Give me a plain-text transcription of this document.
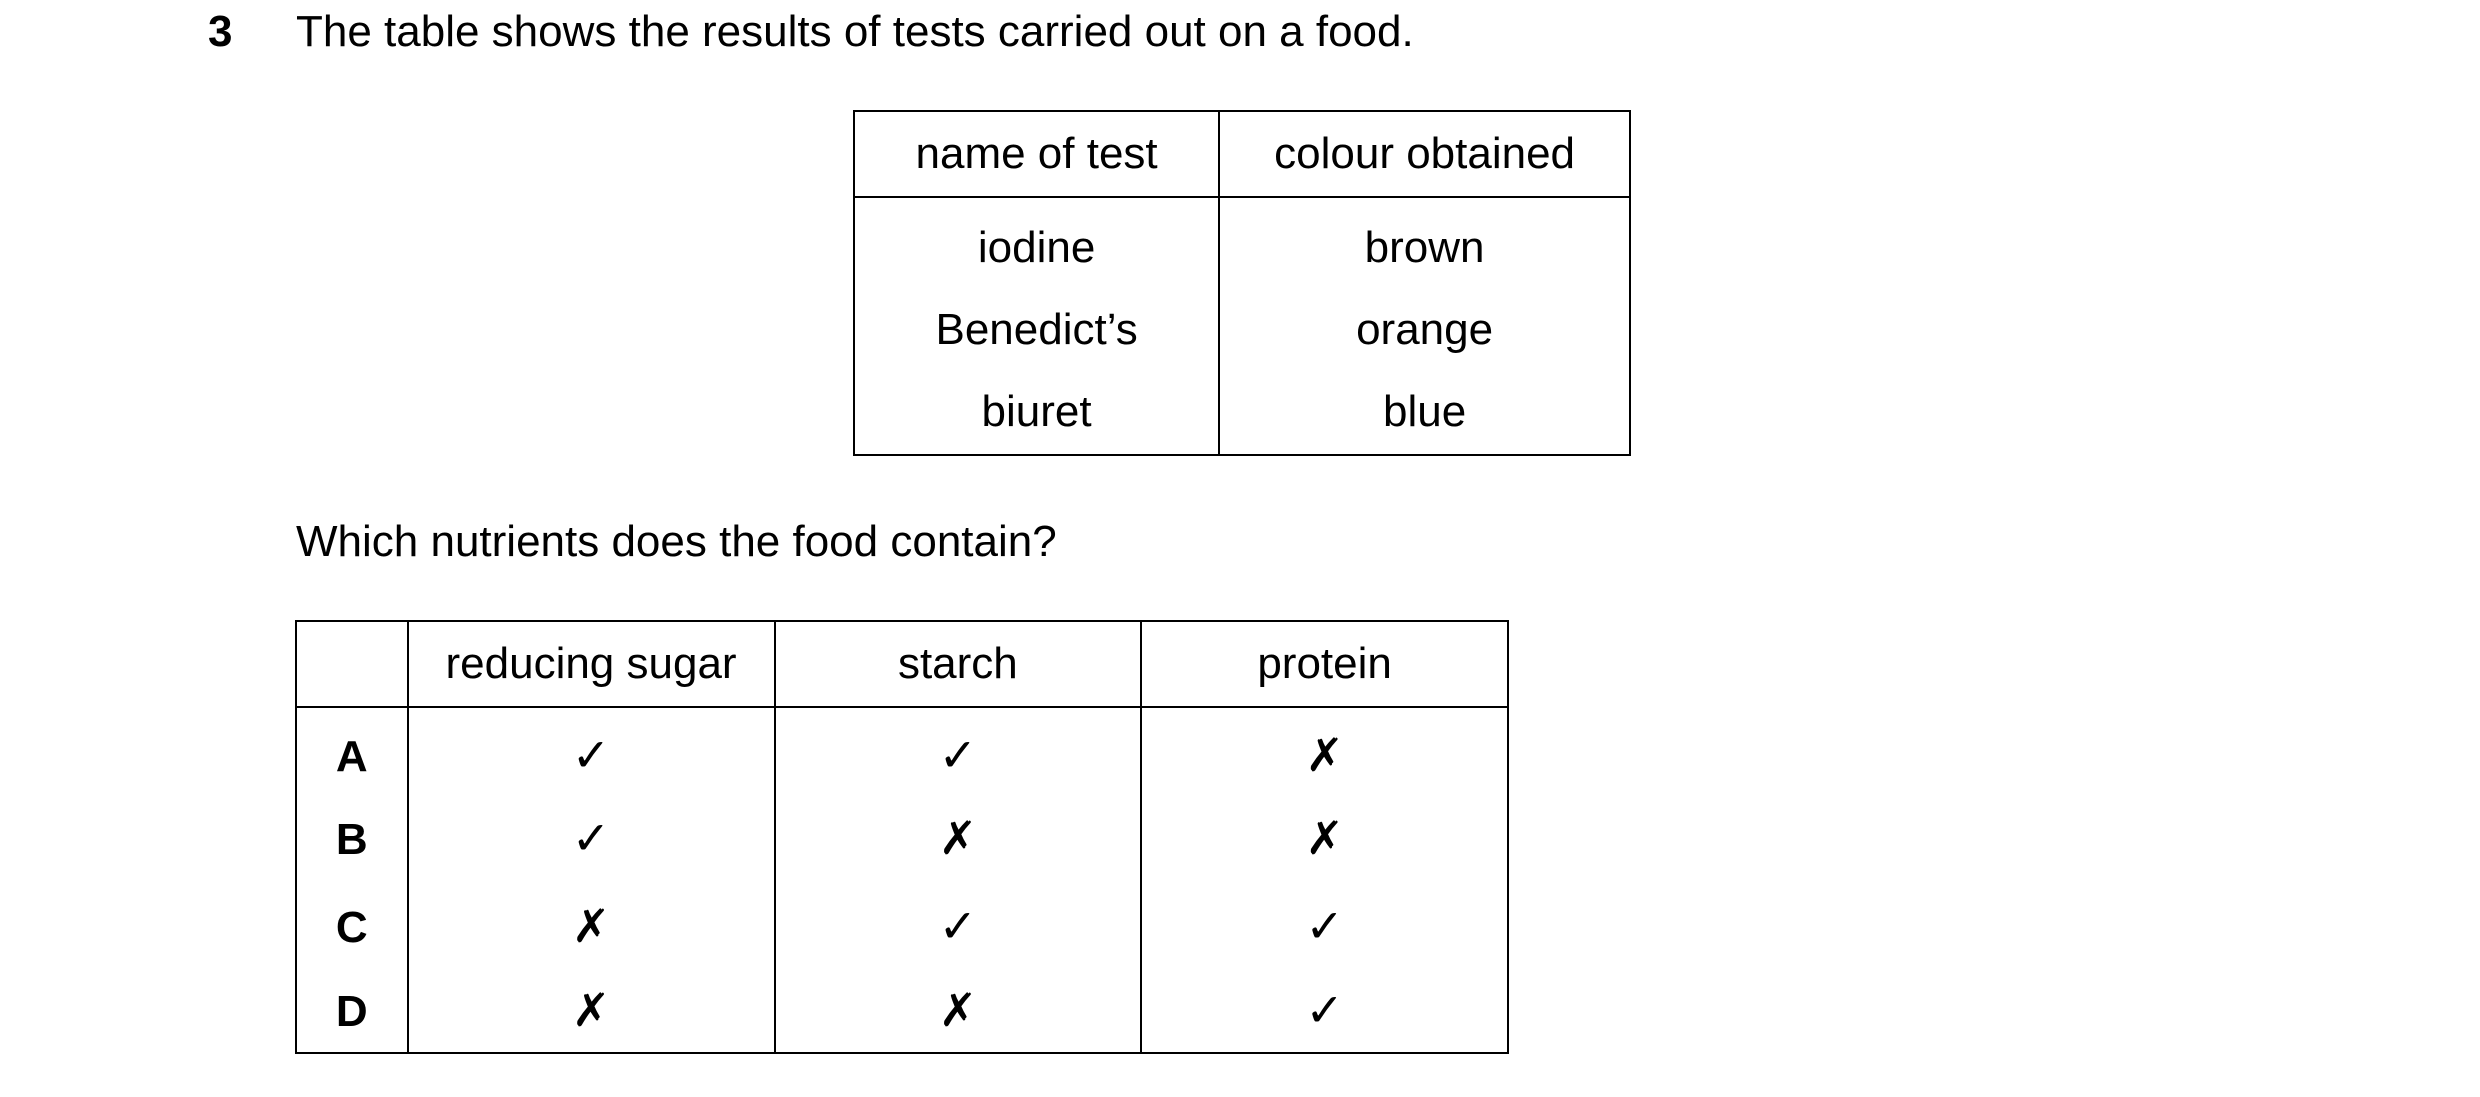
3 The table shows the results of tests carried out on a food.
name of test	colour obtained
iodine	brown
Benedict’s	orange
biuret	blue
Which nutrients does the food contain?
	reducing sugar	starch	protein
A	✓	✓	✗
B	✓	✗	✗
C	✗	✓	✓
D	✗	✗	✓
